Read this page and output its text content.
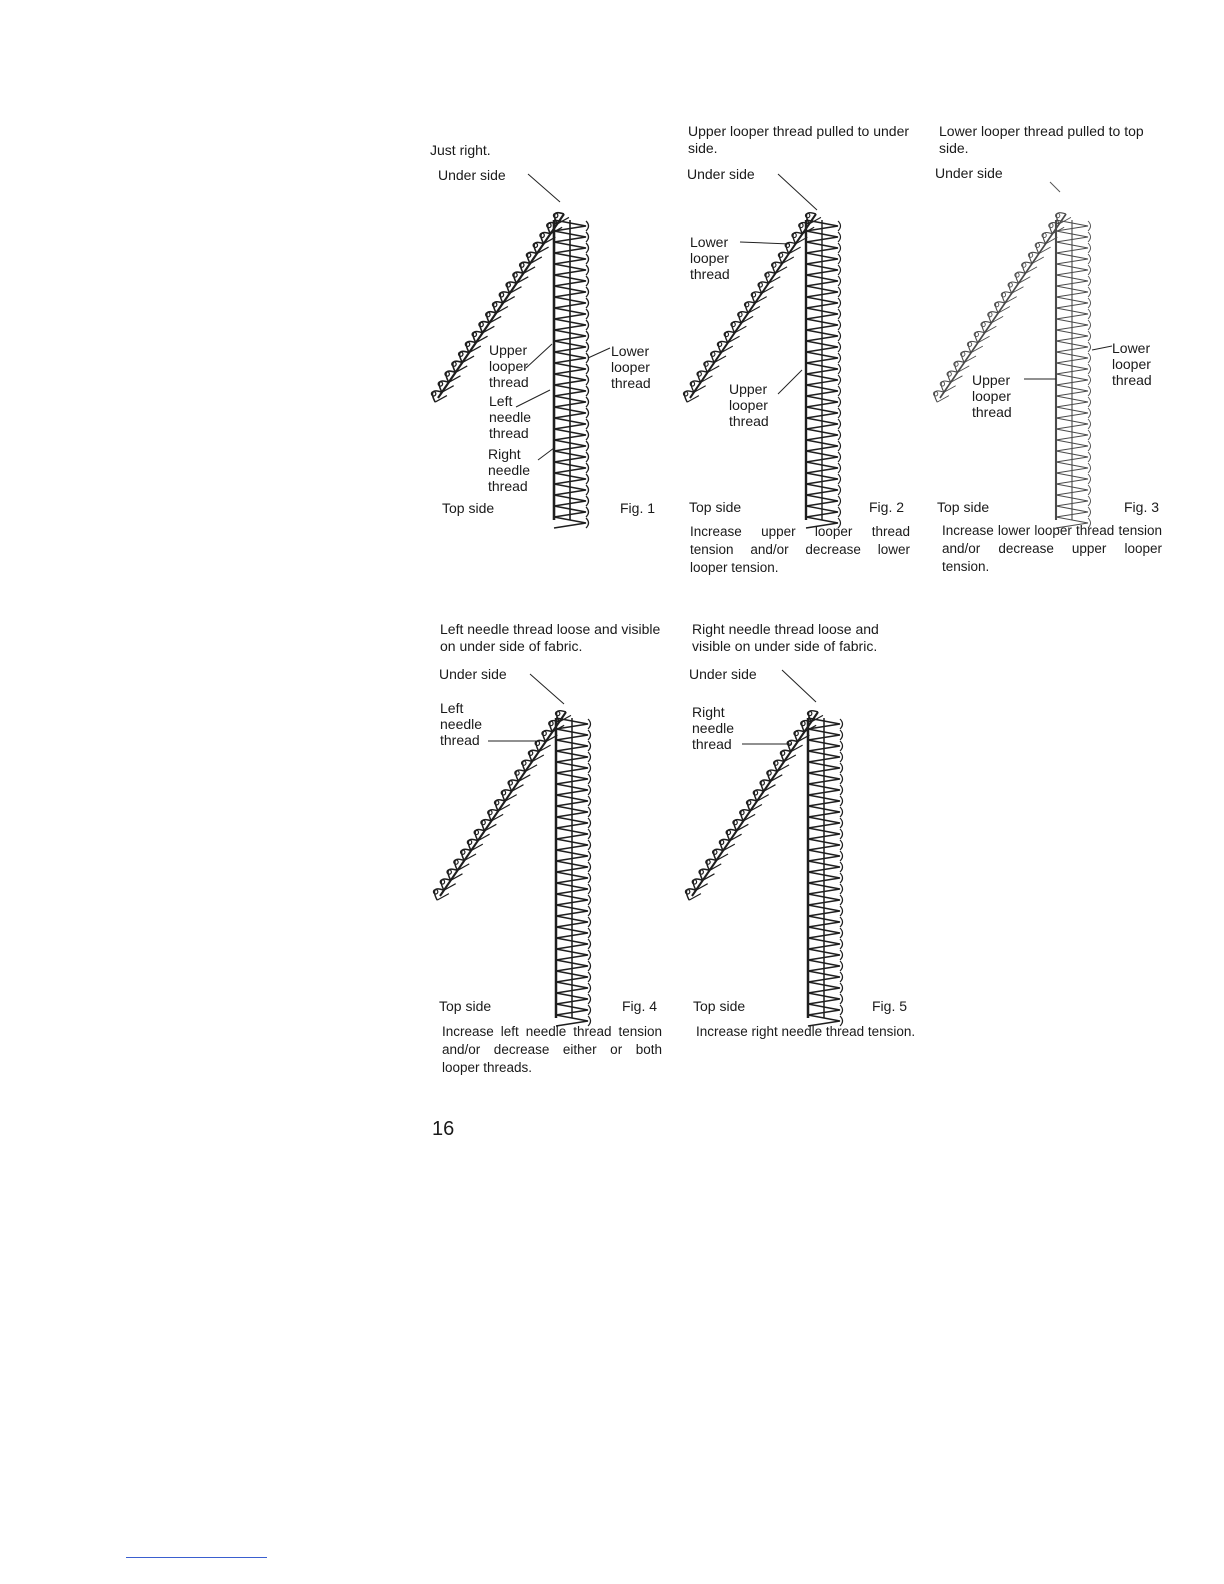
Just right.
Under side
Upper
looper
thread
Left
needle
thread
Right
needle
thread
Lower
looper
thread
Top side	Fig. 1
Upper looper thread pulled to under side.
Under side
Lower
looper
thread
Upper
looper
thread
Top side	Fig. 2
Increase upper looper thread tension and/or decrease lower looper tension.
Lower looper thread pulled to top side.
Under side
Upper
looper
thread
Lower
looper
thread
Top side	Fig. 3
Increase lower looper thread tension and/or decrease upper looper tension.
Left needle thread loose and visible on under side of fabric.
Under side
Left
needle
thread
Top side	Fig. 4
Increase left needle thread tension and/or decrease either or both looper threads.
Right needle thread loose and visible on under side of fabric.
Under side
Right
needle
thread
Top side	Fig. 5
Increase right needle thread tension.
16
